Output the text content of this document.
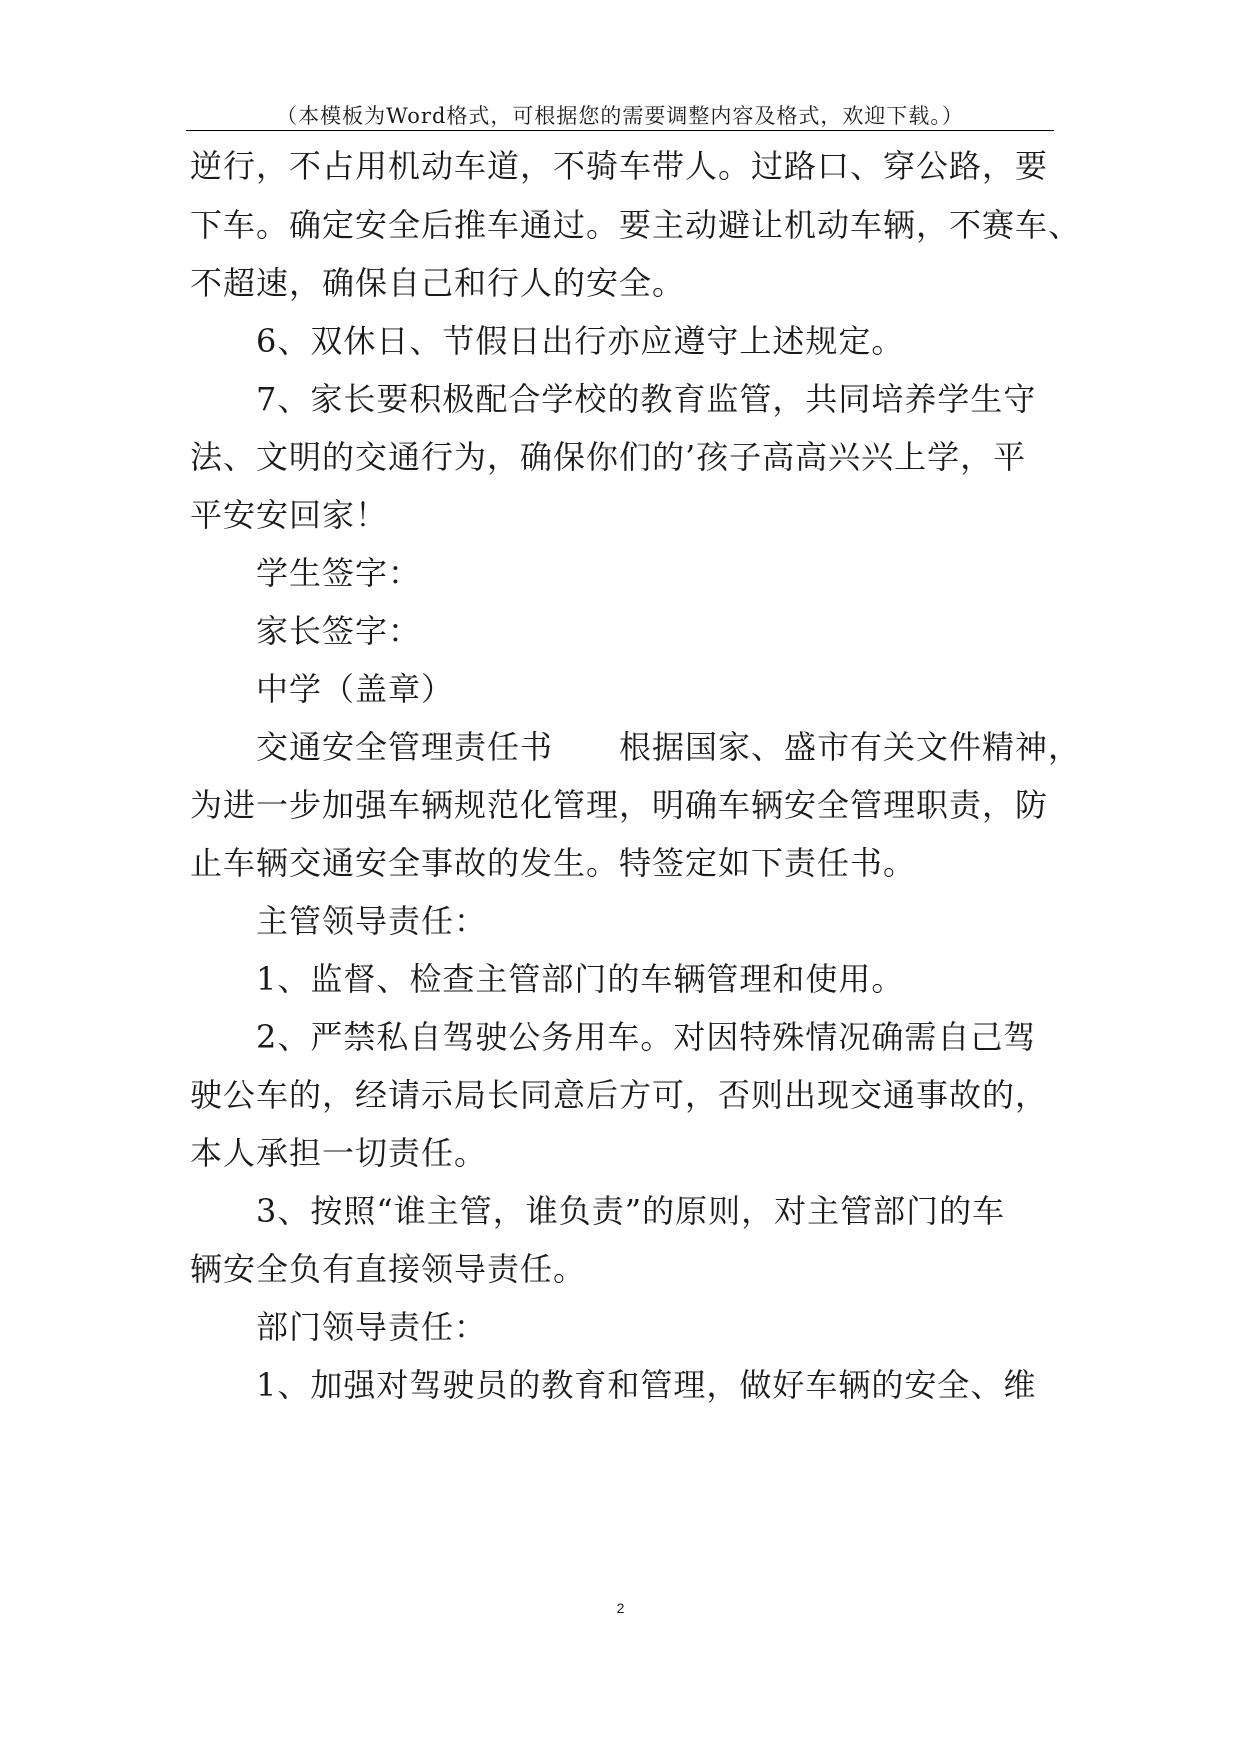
（本模板为Word格式，可根据您的需要调整内容及格式，欢迎下载。）
逆行，不占用机动车道，不骑车带人。过路口、穿公路，要
下车。确定安全后推车通过。要主动避让机动车辆，不赛车、
不超速，确保自己和行人的安全。
6、双休日、节假日出行亦应遵守上述规定。
7、家长要积极配合学校的教育监管，共同培养学生守
法、文明的交通行为，确保你们的’孩子高高兴兴上学，平
平安安回家！
学生签字：
家长签字：
中学（盖章）
交通安全管理责任书　　根据国家、盛市有关文件精神，
为进一步加强车辆规范化管理，明确车辆安全管理职责，防
止车辆交通安全事故的发生。特签定如下责任书。
主管领导责任：
1、监督、检查主管部门的车辆管理和使用。
2、严禁私自驾驶公务用车。对因特殊情况确需自己驾
驶公车的，经请示局长同意后方可，否则出现交通事故的，
本人承担一切责任。
3、按照“谁主管，谁负责”的原则，对主管部门的车
辆安全负有直接领导责任。
部门领导责任：
1、加强对驾驶员的教育和管理，做好车辆的安全、维
2
